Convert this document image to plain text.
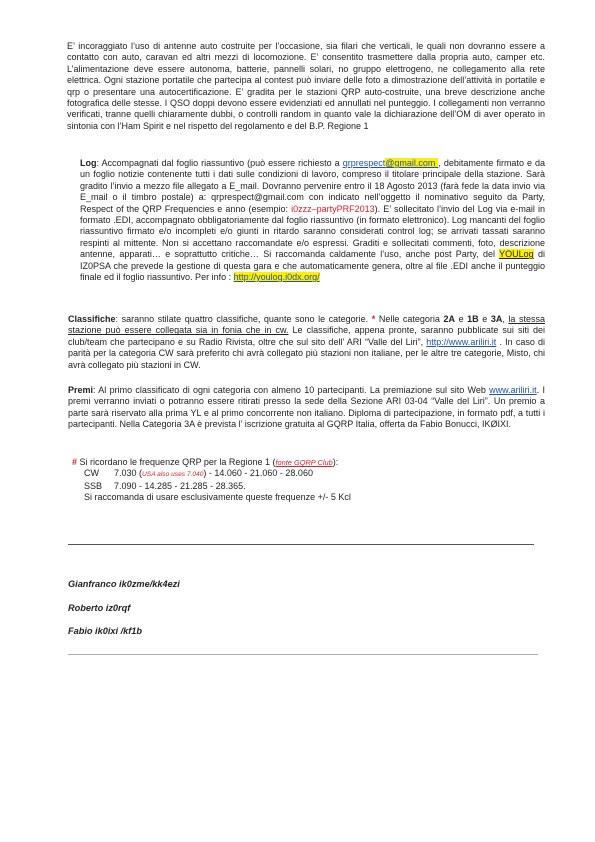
E’ incoraggiato l’uso di antenne auto costruite per l’occasione, sia filari che verticali, le quali non dovranno essere a contatto con auto, caravan ed altri mezzi di locomozione. E’ consentito trasmettere dalla propria auto, camper etc. L’alimentazione deve essere autonoma, batterie, pannelli solari, no gruppo elettrogeno, ne collegamento alla rete elettrica. Ogni stazione portatile che partecipa al contest può inviare delle foto a dimostrazione dell’attività in portatile e qrp o presentare una autocertificazione. E’ gradita per le stazioni QRP auto-costruite, una breve descrizione anche fotografica delle stesse. I QSO doppi devono essere evidenziati ed annullati nel punteggio. I collegamenti non verranno verificati, tranne quelli chiaramente dubbi, o controlli random in quanto vale la dichiarazione dell’OM di aver operato in sintonia con l’Ham Spirit e nel rispetto del regolamento e del B.P. Regione 1

Log: Accompagnati dal foglio riassuntivo (può essere richiesto a qrprespect@gmail.com , debitamente firmato e da un foglio notizie contenente tutti i dati sulle condizioni di lavoro, compreso il titolare principale della stazione. Sarà gradito l’invio a mezzo file allegato a E_mail. Dovranno pervenire entro il 18 Agosto 2013 (farà fede la data invio via E_mail o il timbro postale) a: qrprespect@gmail.com con indicato nell’oggetto il nominativo seguito da Party, Respect of the QRP Frequencies e anno (esempio: i0zzz–partyPRF2013). E’ sollecitato l’invio del Log via e-mail in formato .EDI, accompagnato obbligatoriamente dal foglio riassuntivo (in formato elettronico). Log mancanti del foglio riassuntivo firmato e/o incompleti e/o giunti in ritardo saranno considerati control log; se arrivati tassati saranno respinti al mittente. Non si accettano raccomandate e/o espressi. Graditi e sollecitati commenti, foto, descrizione antenne, apparati… e soprattutto critiche… Si raccomanda caldamente l’uso, anche post Party, del YOULog di IZ0PSA che prevede la gestione di questa gara e che automaticamente genera, oltre al file .EDI anche il punteggio finale ed il foglio riassuntivo. Per info : http://youlog.i0dx.org/

Classifiche: saranno stilate quattro classifiche, quante sono le categorie. * Nelle categoria 2A e 1B e 3A, la stessa stazione può essere collegata sia in fonia che in cw. Le classifiche, appena pronte, saranno pubblicate sui siti dei club/team che partecipano e su Radio Rivista, oltre che sul sito dell’ ARI “Valle del Liri”, http://www.ariliri.it . In caso di parità per la categoria CW sarà preferito chi avrà collegato più stazioni non italiane, per le altre tre categorie, Misto, chi avrà collegato più stazioni in CW.

Premi: Al primo classificato di ogni categoria con almeno 10 partecipanti. La premiazione sul sito Web www.ariliri.it. I premi verranno inviati o potranno essere ritirati presso la sede della Sezione ARI 03-04 “Valle del Liri”. Un premio a parte sarà riservato alla prima YL e al primo concorrente non italiano. Diploma di partecipazione, in formato pdf, a tutti i partecipanti. Nella Categoria 3A è prevista l’ iscrizione gratuita al GQRP Italia, offerta da Fabio Bonucci, IKØIXI.

# Si ricordano le frequenze QRP per la Regione 1 (fonte GQRP Club):

CW 7.030 (USA also uses 7.040) - 14.060 - 21.060 - 28.060

SSB 7.090 - 14.285 - 21.285 - 28.365.

Si raccomanda di usare esclusivamente queste frequenze +/- 5 Kcl

Gianfranco ik0zme/kk4ezi
Roberto iz0rqf
Fabio ik0ixi /kf1b
